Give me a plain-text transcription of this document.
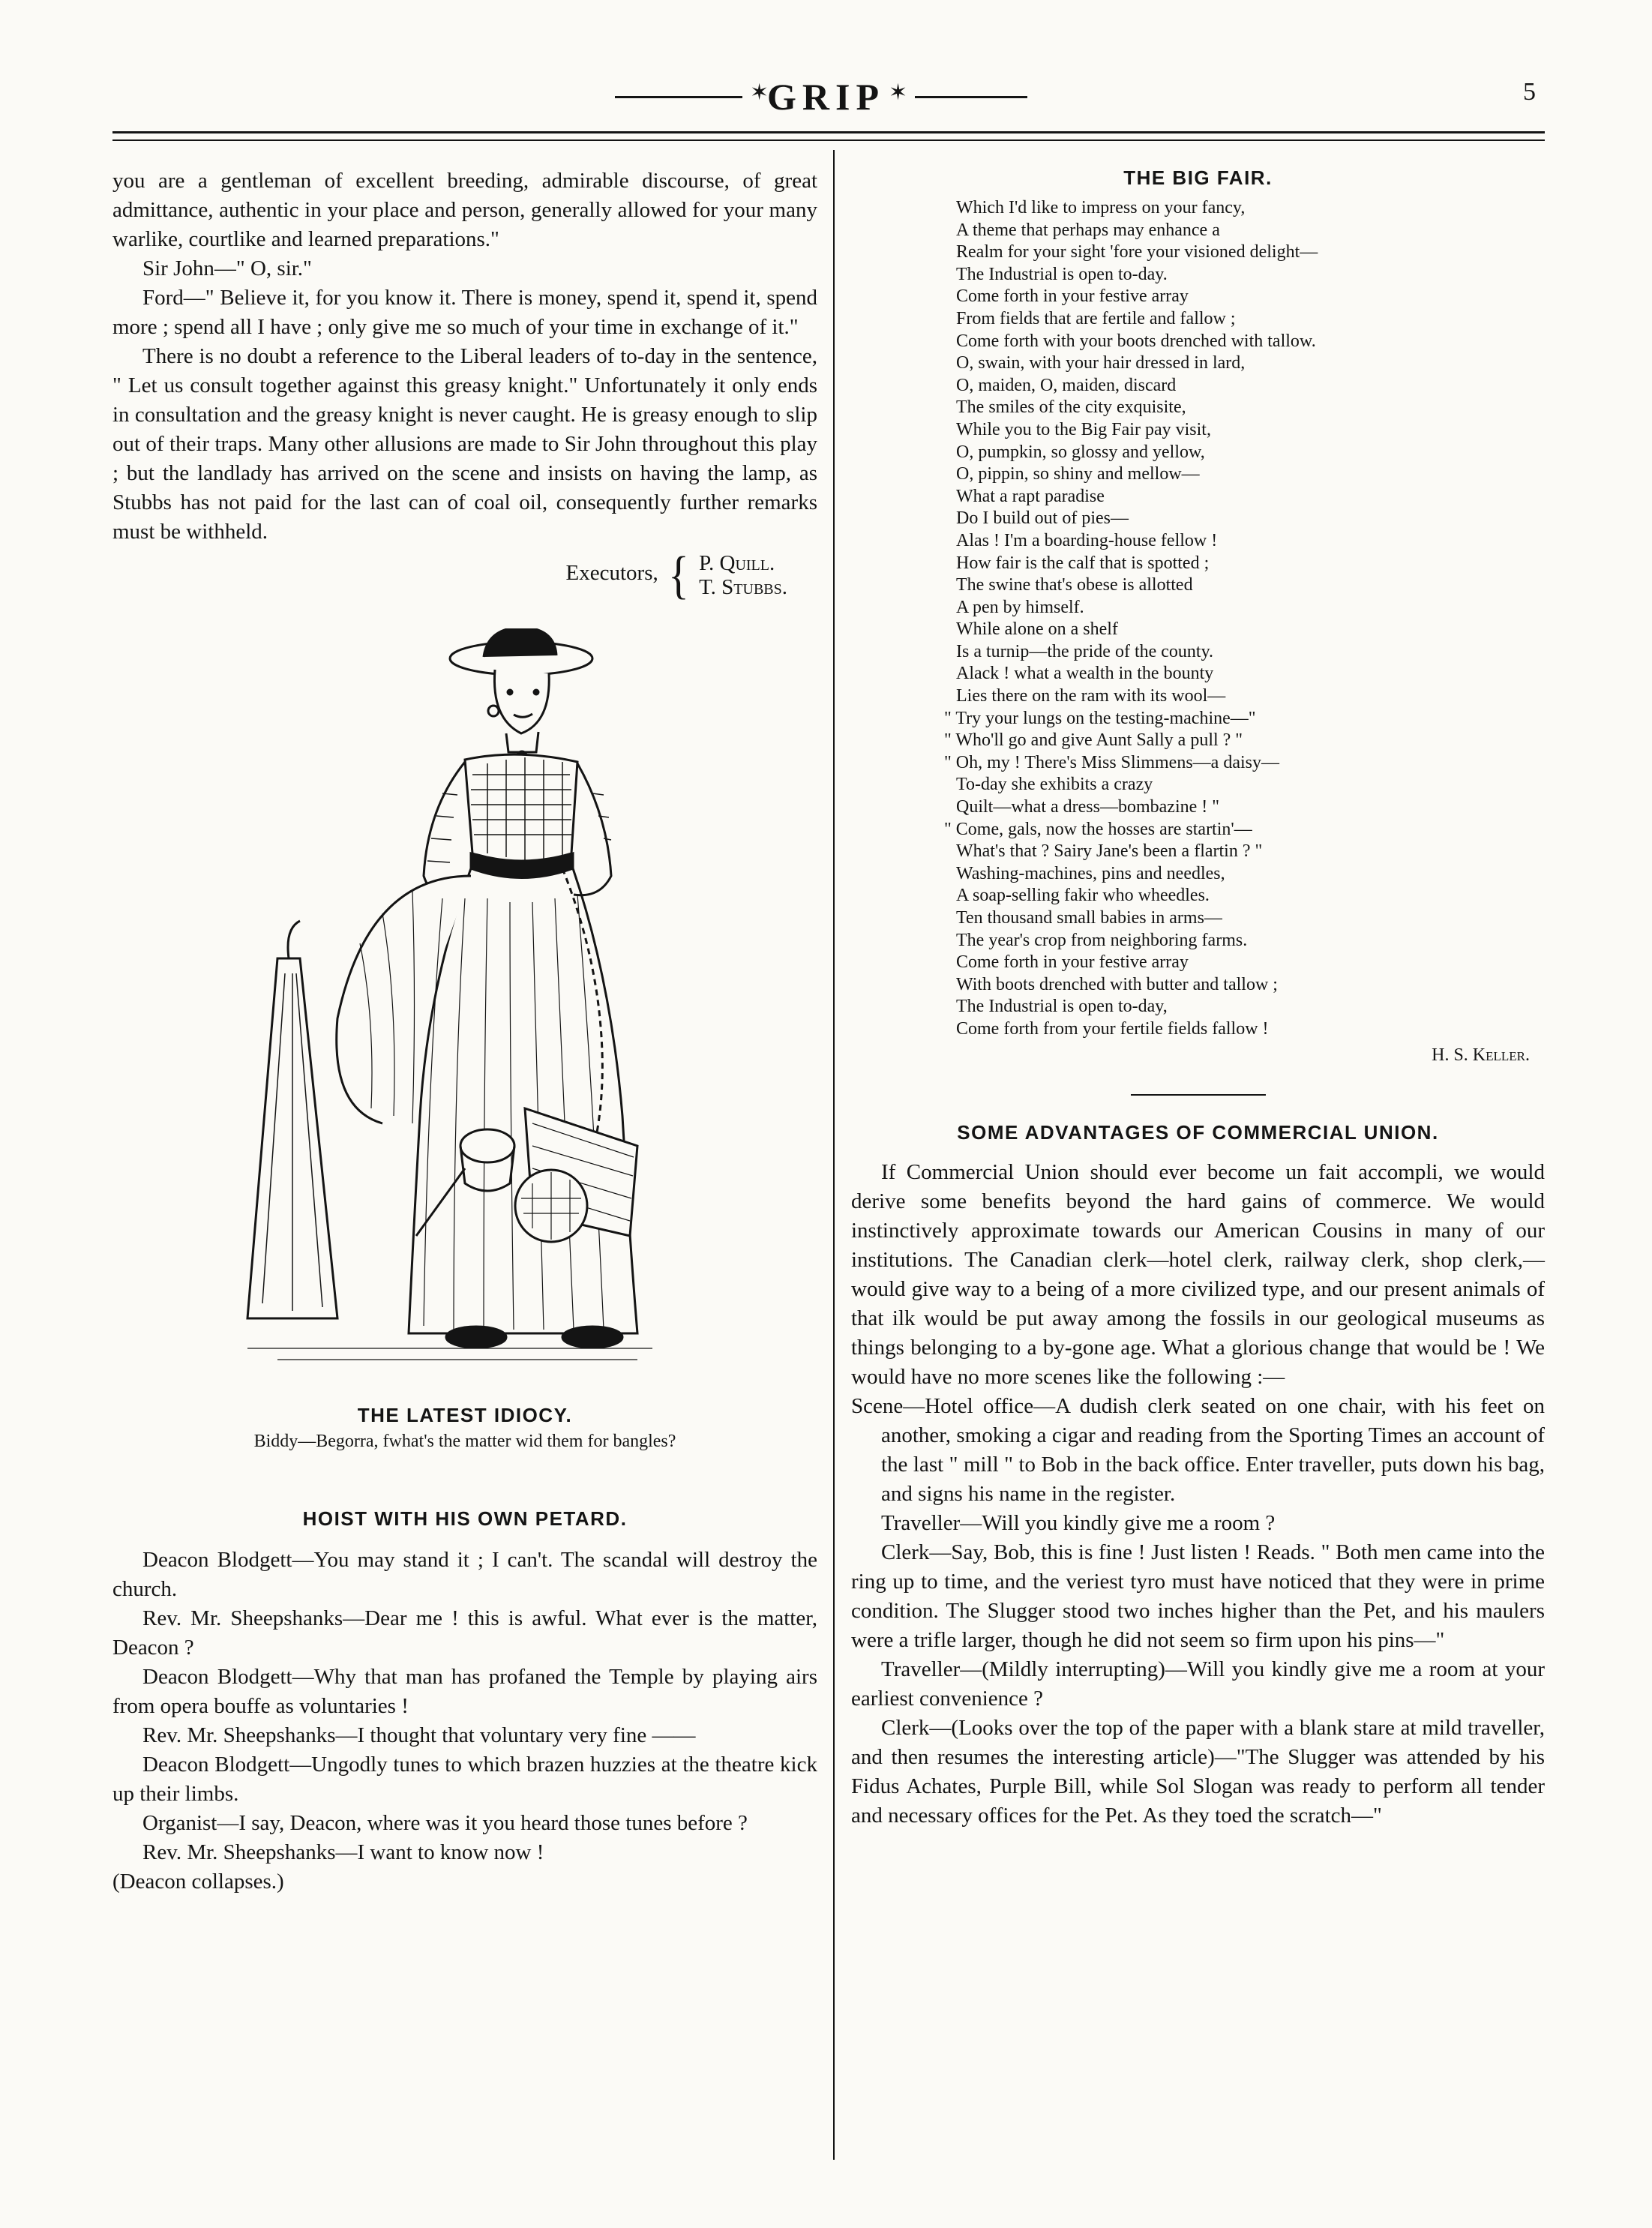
✶
GRIP ✶	5

you are a gentleman of excellent breeding, admirable discourse, of great admittance, authentic in your place and person, generally allowed for your many warlike, courtlike and learned preparations."

Sir John—" O, sir."

Ford—" Believe it, for you know it. There is money, spend it, spend it, spend more ; spend all I have ; only give me so much of your time in exchange of it."

There is no doubt a reference to the Liberal leaders of to-day in the sentence, " Let us consult together against this greasy knight." Unfortunately it only ends in consultation and the greasy knight is never caught. He is greasy enough to slip out of their traps. Many other allusions are made to Sir John throughout this play ; but the landlady has arrived on the scene and insists on having the lamp, as Stubbs has not paid for the last can of coal oil, consequently further remarks must be withheld.

Executors, { P. Quill.
T. Stubbs.
THE LATEST IDIOCY.
Biddy—Begorra, fwhat's the matter wid them for bangles?
HOIST WITH HIS OWN PETARD.

Deacon Blodgett—You may stand it ; I can't. The scandal will destroy the church.

Rev. Mr. Sheepshanks—Dear me ! this is awful. What ever is the matter, Deacon ?

Deacon Blodgett—Why that man has profaned the Temple by playing airs from opera bouffe as voluntaries !

Rev. Mr. Sheepshanks—I thought that voluntary very fine ——

Deacon Blodgett—Ungodly tunes to which brazen huzzies at the theatre kick up their limbs.

Organist—I say, Deacon, where was it you heard those tunes before ?

Rev. Mr. Sheepshanks—I want to know now !

(Deacon collapses.)

THE BIG FAIR.
Which I'd like to impress on your fancy,
A theme that perhaps may enhance a
Realm for your sight 'fore your visioned delight—
The Industrial is open to-day.
Come forth in your festive array
From fields that are fertile and fallow ;
Come forth with your boots drenched with tallow.
O, swain, with your hair dressed in lard,
O, maiden, O, maiden, discard
The smiles of the city exquisite,
While you to the Big Fair pay visit,
O, pumpkin, so glossy and yellow,
O, pippin, so shiny and mellow—
What a rapt paradise
Do I build out of pies—
Alas ! I'm a boarding-house fellow !
How fair is the calf that is spotted ;
The swine that's obese is allotted
A pen by himself.
While alone on a shelf
Is a turnip—the pride of the county.
Alack ! what a wealth in the bounty
Lies there on the ram with its wool—
" Try your lungs on the testing-machine—"
" Who'll go and give Aunt Sally a pull ? "
" Oh, my ! There's Miss Slimmens—a daisy—
To-day she exhibits a crazy
Quilt—what a dress—bombazine ! "
" Come, gals, now the hosses are startin'—
What's that ? Sairy Jane's been a flartin ? "
Washing-machines, pins and needles,
A soap-selling fakir who wheedles.
Ten thousand small babies in arms—
The year's crop from neighboring farms.
Come forth in your festive array
With boots drenched with butter and tallow ;
The Industrial is open to-day,
Come forth from your fertile fields fallow !
H. S. Keller.
SOME ADVANTAGES OF COMMERCIAL UNION.

If Commercial Union should ever become un fait accompli, we would derive some benefits beyond the hard gains of commerce. We would instinctively approximate towards our American Cousins in many of our institutions. The Canadian clerk—hotel clerk, railway clerk, shop clerk,—would give way to a being of a more civilized type, and our present animals of that ilk would be put away among the fossils in our geological museums as things belonging to a by-gone age. What a glorious change that would be ! We would have no more scenes like the following :—

Scene—Hotel office—A dudish clerk seated on one chair, with his feet on another, smoking a cigar and reading from the Sporting Times an account of the last " mill " to Bob in the back office. Enter traveller, puts down his bag, and signs his name in the register.

Traveller—Will you kindly give me a room ?

Clerk—Say, Bob, this is fine ! Just listen ! Reads. " Both men came into the ring up to time, and the veriest tyro must have noticed that they were in prime condition. The Slugger stood two inches higher than the Pet, and his maulers were a trifle larger, though he did not seem so firm upon his pins—"

Traveller—(Mildly interrupting)—Will you kindly give me a room at your earliest convenience ?

Clerk—(Looks over the top of the paper with a blank stare at mild traveller, and then resumes the interesting article)—"The Slugger was attended by his Fidus Achates, Purple Bill, while Sol Slogan was ready to perform all tender and necessary offices for the Pet. As they toed the scratch—"
